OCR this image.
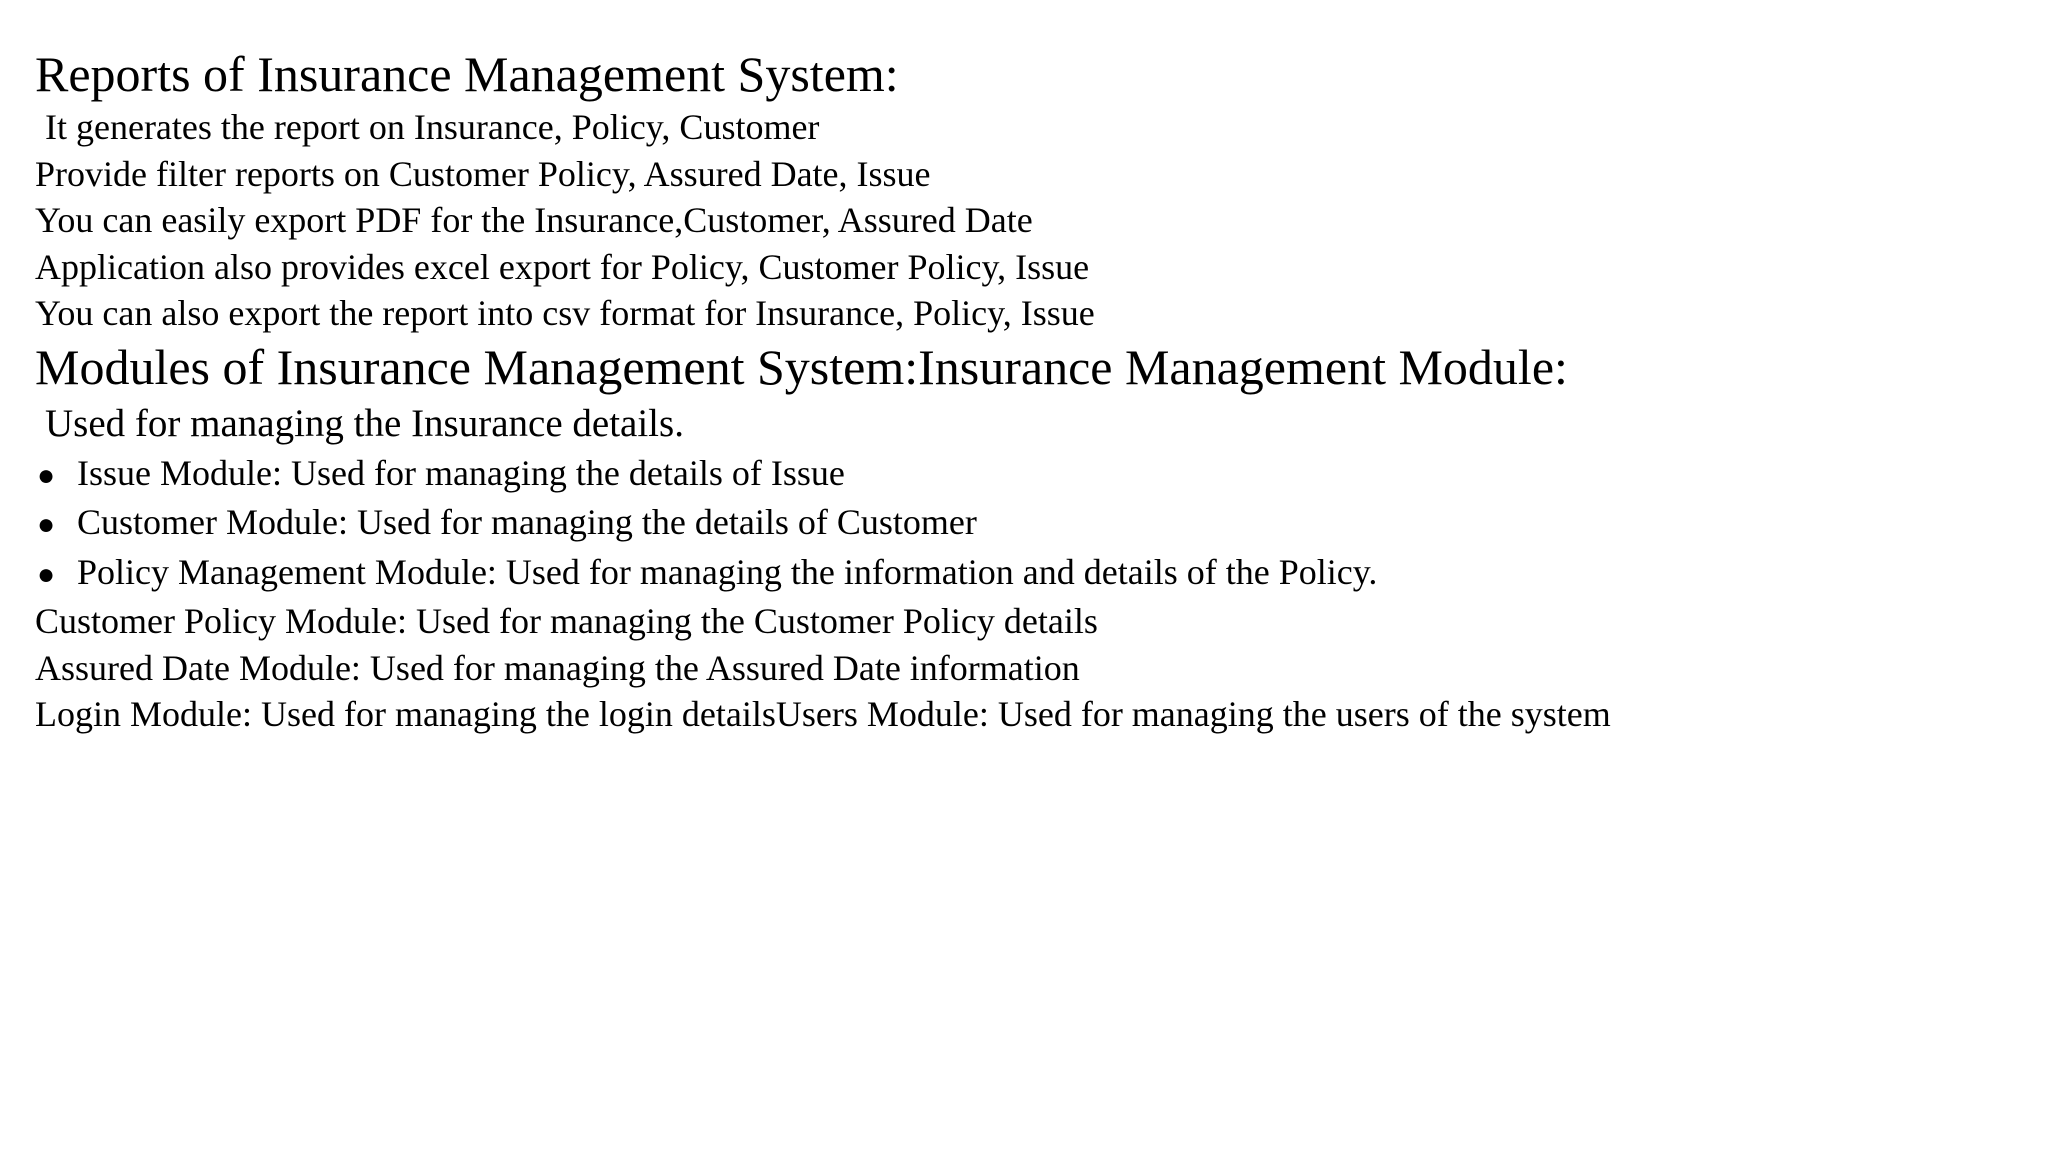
Reports of Insurance Management System:

It generates the report on Insurance, Policy, Customer

Provide filter reports on Customer Policy, Assured Date, Issue

You can easily export PDF for the Insurance,Customer, Assured Date

Application also provides excel export for Policy, Customer Policy, Issue

You can also export the report into csv format for Insurance, Policy, Issue

Modules of Insurance Management System:Insurance Management Module:

Used for managing the Insurance details.

● Issue Module: Used for managing the details of Issue
● Customer Module: Used for managing the details of Customer
● Policy Management Module: Used for managing the information and details of the Policy.

Customer Policy Module: Used for managing the Customer Policy details

Assured Date Module: Used for managing the Assured Date information

Login Module: Used for managing the login detailsUsers Module: Used for managing the users of the system
